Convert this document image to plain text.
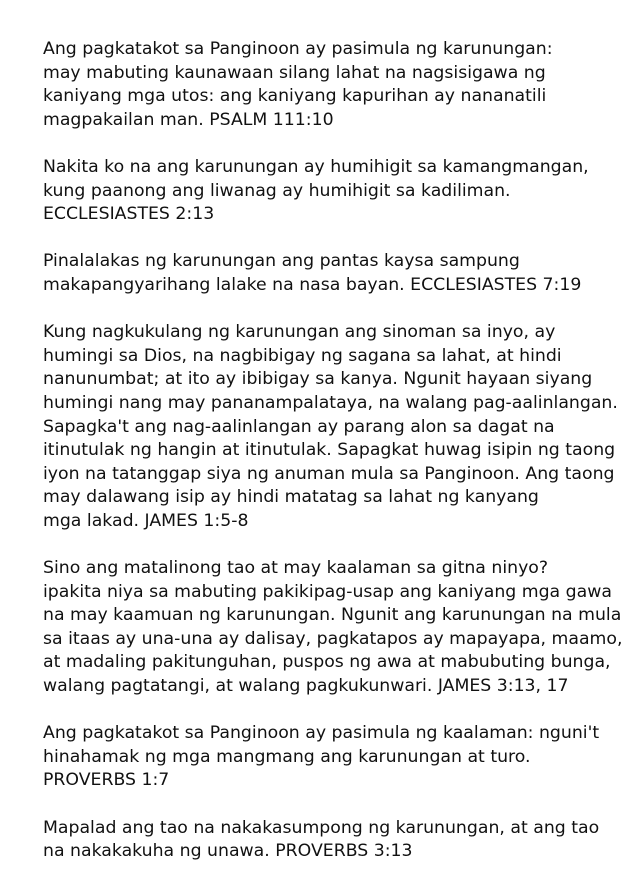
Ang pagkatakot sa Panginoon ay pasimula ng karunungan:
may mabuting kaunawaan silang lahat na nagsisigawa ng
kaniyang mga utos: ang kaniyang kapurihan ay nananatili
magpakailan man. PSALM 111:10
Nakita ko na ang karunungan ay humihigit sa kamangmangan,
kung paanong ang liwanag ay humihigit sa kadiliman.
ECCLESIASTES 2:13
Pinalalakas ng karunungan ang pantas kaysa sampung
makapangyarihang lalake na nasa bayan. ECCLESIASTES 7:19
Kung nagkukulang ng karunungan ang sinoman sa inyo, ay
humingi sa Dios, na nagbibigay ng sagana sa lahat, at hindi
nanunumbat; at ito ay ibibigay sa kanya. Ngunit hayaan siyang
humingi nang may pananampalataya, na walang pag-aalinlangan.
Sapagka't ang nag-aalinlangan ay parang alon sa dagat na
itinutulak ng hangin at itinutulak. Sapagkat huwag isipin ng taong
iyon na tatanggap siya ng anuman mula sa Panginoon. Ang taong
may dalawang isip ay hindi matatag sa lahat ng kanyang
mga lakad. JAMES 1:5-8
Sino ang matalinong tao at may kaalaman sa gitna ninyo?
ipakita niya sa mabuting pakikipag-usap ang kaniyang mga gawa
na may kaamuan ng karunungan. Ngunit ang karunungan na mula
sa itaas ay una-una ay dalisay, pagkatapos ay mapayapa, maamo,
at madaling pakitunguhan, puspos ng awa at mabubuting bunga,
walang pagtatangi, at walang pagkukunwari. JAMES 3:13, 17
Ang pagkatakot sa Panginoon ay pasimula ng kaalaman: nguni't
hinahamak ng mga mangmang ang karunungan at turo.
PROVERBS 1:7
Mapalad ang tao na nakakasumpong ng karunungan, at ang tao
na nakakakuha ng unawa. PROVERBS 3:13
